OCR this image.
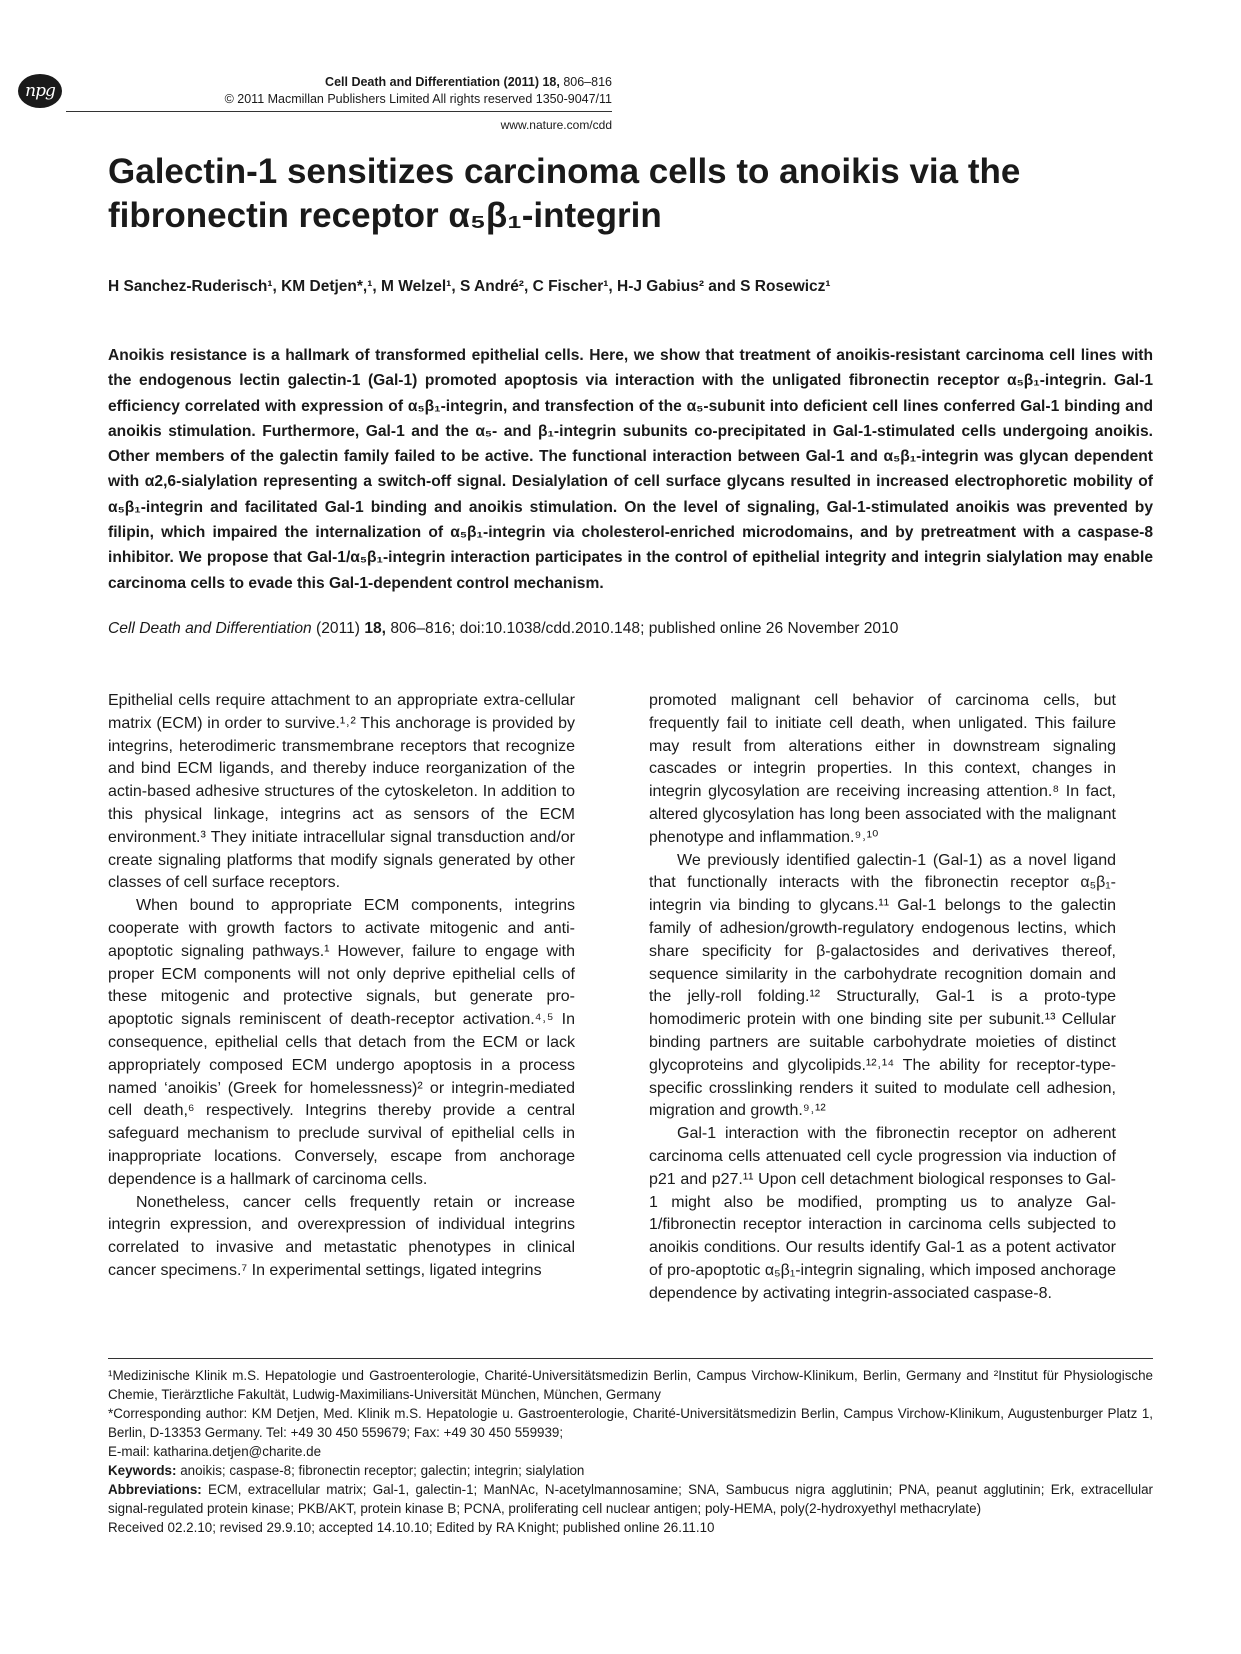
npg	Cell Death and Differentiation (2011) 18, 806–816
© 2011 Macmillan Publishers Limited All rights reserved 1350-9047/11
www.nature.com/cdd
Galectin-1 sensitizes carcinoma cells to anoikis via the fibronectin receptor α₅β₁-integrin
H Sanchez-Ruderisch¹, KM Detjen*,¹, M Welzel¹, S André², C Fischer¹, H-J Gabius² and S Rosewicz¹

Anoikis resistance is a hallmark of transformed epithelial cells. Here, we show that treatment of anoikis-resistant carcinoma cell lines with the endogenous lectin galectin-1 (Gal-1) promoted apoptosis via interaction with the unligated fibronectin receptor α₅β₁-integrin. Gal-1 efficiency correlated with expression of α₅β₁-integrin, and transfection of the α₅-subunit into deficient cell lines conferred Gal-1 binding and anoikis stimulation. Furthermore, Gal-1 and the α₅- and β₁-integrin subunits co-precipitated in Gal-1-stimulated cells undergoing anoikis. Other members of the galectin family failed to be active. The functional interaction between Gal-1 and α₅β₁-integrin was glycan dependent with α2,6-sialylation representing a switch-off signal. Desialylation of cell surface glycans resulted in increased electrophoretic mobility of α₅β₁-integrin and facilitated Gal-1 binding and anoikis stimulation. On the level of signaling, Gal-1-stimulated anoikis was prevented by filipin, which impaired the internalization of α₅β₁-integrin via cholesterol-enriched microdomains, and by pretreatment with a caspase-8 inhibitor. We propose that Gal-1/α₅β₁-integrin interaction participates in the control of epithelial integrity and integrin sialylation may enable carcinoma cells to evade this Gal-1-dependent control mechanism.

Cell Death and Differentiation (2011) 18, 806–816; doi:10.1038/cdd.2010.148; published online 26 November 2010

Epithelial cells require attachment to an appropriate extra-cellular matrix (ECM) in order to survive.¹˒² This anchorage is provided by integrins, heterodimeric transmembrane receptors that recognize and bind ECM ligands, and thereby induce reorganization of the actin-based adhesive structures of the cytoskeleton. In addition to this physical linkage, integrins act as sensors of the ECM environment.³ They initiate intracellular signal transduction and/or create signaling platforms that modify signals generated by other classes of cell surface receptors.

When bound to appropriate ECM components, integrins cooperate with growth factors to activate mitogenic and anti-apoptotic signaling pathways.¹ However, failure to engage with proper ECM components will not only deprive epithelial cells of these mitogenic and protective signals, but generate pro-apoptotic signals reminiscent of death-receptor activation.⁴˒⁵ In consequence, epithelial cells that detach from the ECM or lack appropriately composed ECM undergo apoptosis in a process named ‘anoikis’ (Greek for homelessness)² or integrin-mediated cell death,⁶ respectively. Integrins thereby provide a central safeguard mechanism to preclude survival of epithelial cells in inappropriate locations. Conversely, escape from anchorage dependence is a hallmark of carcinoma cells.

Nonetheless, cancer cells frequently retain or increase integrin expression, and overexpression of individual integrins correlated to invasive and metastatic phenotypes in clinical cancer specimens.⁷ In experimental settings, ligated integrins

promoted malignant cell behavior of carcinoma cells, but frequently fail to initiate cell death, when unligated. This failure may result from alterations either in downstream signaling cascades or integrin properties. In this context, changes in integrin glycosylation are receiving increasing attention.⁸ In fact, altered glycosylation has long been associated with the malignant phenotype and inflammation.⁹˒¹⁰

We previously identified galectin-1 (Gal-1) as a novel ligand that functionally interacts with the fibronectin receptor α₅β₁-integrin via binding to glycans.¹¹ Gal-1 belongs to the galectin family of adhesion/growth-regulatory endogenous lectins, which share specificity for β-galactosides and derivatives thereof, sequence similarity in the carbohydrate recognition domain and the jelly-roll folding.¹² Structurally, Gal-1 is a proto-type homodimeric protein with one binding site per subunit.¹³ Cellular binding partners are suitable carbohydrate moieties of distinct glycoproteins and glycolipids.¹²˒¹⁴ The ability for receptor-type-specific crosslinking renders it suited to modulate cell adhesion, migration and growth.⁹˒¹²

Gal-1 interaction with the fibronectin receptor on adherent carcinoma cells attenuated cell cycle progression via induction of p21 and p27.¹¹ Upon cell detachment biological responses to Gal-1 might also be modified, prompting us to analyze Gal-1/fibronectin receptor interaction in carcinoma cells subjected to anoikis conditions. Our results identify Gal-1 as a potent activator of pro-apoptotic α₅β₁-integrin signaling, which imposed anchorage dependence by activating integrin-associated caspase-8.

¹Medizinische Klinik m.S. Hepatologie und Gastroenterologie, Charité-Universitätsmedizin Berlin, Campus Virchow-Klinikum, Berlin, Germany and ²Institut für Physiologische Chemie, Tierärztliche Fakultät, Ludwig-Maximilians-Universität München, München, Germany

*Corresponding author: KM Detjen, Med. Klinik m.S. Hepatologie u. Gastroenterologie, Charité-Universitätsmedizin Berlin, Campus Virchow-Klinikum, Augustenburger Platz 1, Berlin, D-13353 Germany. Tel: +49 30 450 559679; Fax: +49 30 450 559939;

E-mail: katharina.detjen@charite.de

Keywords: anoikis; caspase-8; fibronectin receptor; galectin; integrin; sialylation

Abbreviations: ECM, extracellular matrix; Gal-1, galectin-1; ManNAc, N-acetylmannosamine; SNA, Sambucus nigra agglutinin; PNA, peanut agglutinin; Erk, extracellular signal-regulated protein kinase; PKB/AKT, protein kinase B; PCNA, proliferating cell nuclear antigen; poly-HEMA, poly(2-hydroxyethyl methacrylate)

Received 02.2.10; revised 29.9.10; accepted 14.10.10; Edited by RA Knight; published online 26.11.10
